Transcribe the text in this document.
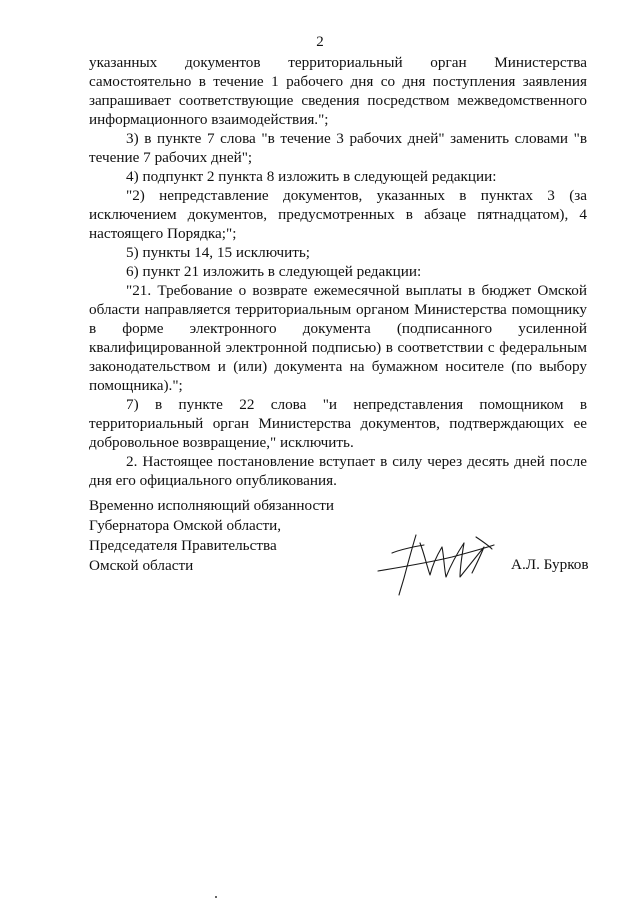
2

указанных документов территориальный орган Министерства самостоятельно в течение 1 рабочего дня со дня поступления заявления запрашивает соответствующие сведения посредством межведомственного информационного взаимодействия.";

3) в пункте 7 слова "в течение 3 рабочих дней" заменить словами "в течение 7 рабочих дней";

4) подпункт 2 пункта 8 изложить в следующей редакции:

"2) непредставление документов, указанных в пунктах 3 (за исключением документов, предусмотренных в абзаце пятнадцатом), 4 настоящего Порядка;";

5) пункты 14, 15 исключить;

6) пункт 21 изложить в следующей редакции:

"21. Требование о возврате ежемесячной выплаты в бюджет Омской области направляется территориальным органом Министерства помощнику в форме электронного документа (подписанного усиленной квалифицированной электронной подписью) в соответствии с федеральным законодательством и (или) документа на бумажном носителе (по выбору помощника).";

7) в пункте 22 слова "и непредставления помощником в территориальный орган Министерства документов, подтверждающих ее добровольное возвращение," исключить.

2. Настоящее постановление вступает в силу через десять дней после дня его официального опубликования.

Временно исполняющий обязанности
Губернатора Омской области,
Председателя Правительства
Омской области	А.Л. Бурков
